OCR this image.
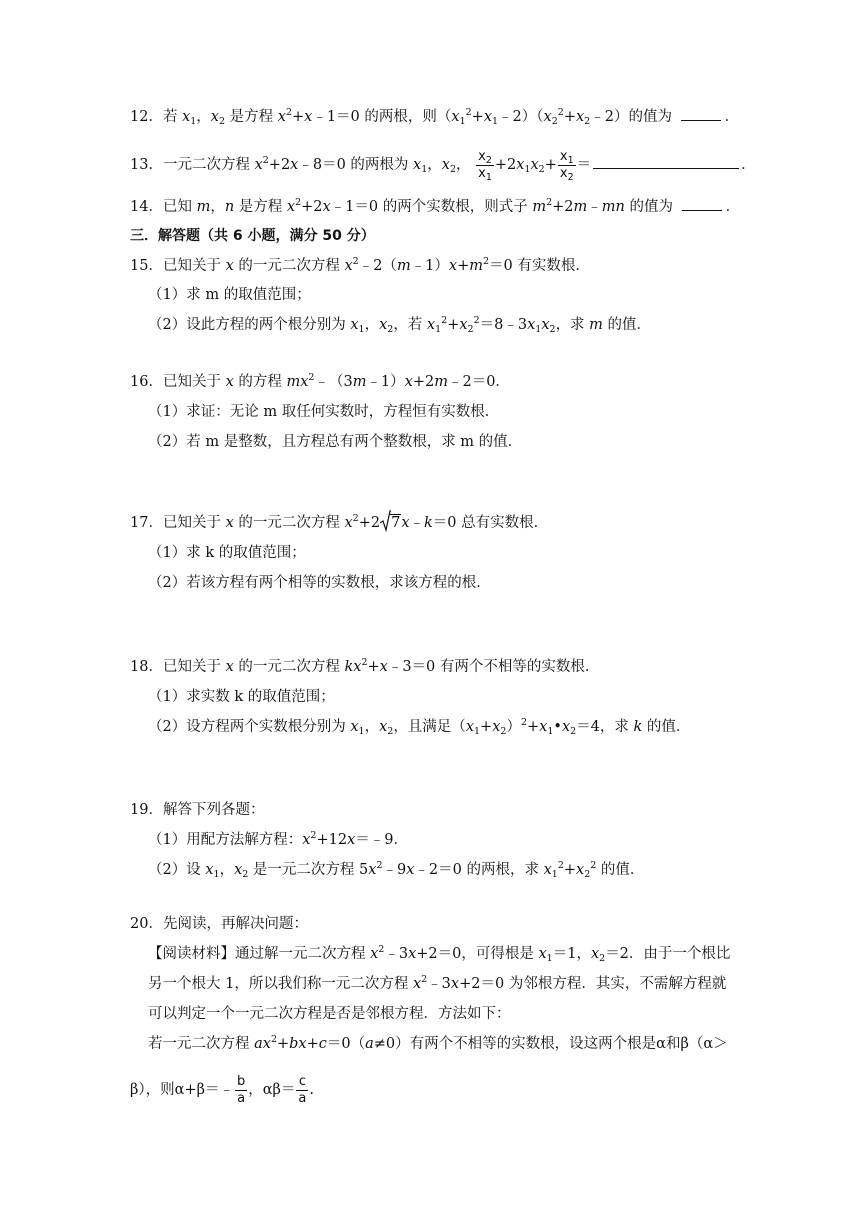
12．若 $x_1$，$x_2$ 是方程 $x^2+x﹣1=0$ 的两根，则$(x_1^2+x_1﹣2)(x_2^2+x_2﹣2)$的值为	．
13．一元二次方程 $x^2+2x﹣8=0$ 的两根为 $x_1$，$x_2$， $\frac{x_2}{x_1} +2x_1x_2+ \frac{x_1}{x_2}$ ＝	．
14．已知 m，n 是方程 $x^2+2x﹣1=0$ 的两个实数根，则式子 $m^2+2m﹣mn$ 的值为	．
三．解答题（共 6 小题，满分 50 分）
15．已知关于 x 的一元二次方程 $x^2﹣2(m﹣1)x+m^2=0$ 有实数根．
（1）求 m 的取值范围；
（2）设此方程的两个根分别为 $x_1$，$x_2$，若 $x_1^2+x_2^2=8﹣3x_1x_2$，求 m 的值．
16．已知关于 x 的方程 $mx^2﹣(3m﹣1)x+2m﹣2=0$．
（1）求证：无论 m 取任何实数时，方程恒有实数根．
（2）若 m 是整数，且方程总有两个整数根，求 m 的值．
17．已知关于 x 的一元二次方程 $x^2+2$ 7x﹣k＝0 总有实数根．
（1）求 k 的取值范围；
（2）若该方程有两个相等的实数根，求该方程的根．
18．已知关于 x 的一元二次方程 $kx^2+x﹣3=0$ 有两个不相等的实数根．
（1）求实数 k 的取值范围；
（2）设方程两个实数根分别为 $x_1$，$x_2$，且满足$(x_1+x_2)^2+x_1•x_2=4$，求 k 的值．
19．解答下列各题：
（1）用配方法解方程：$x^2+12x=﹣9$．
（2）设 $x_1$，$x_2$ 是一元二次方程 $5x^2﹣9x﹣2=0$ 的两根，求 $x_1^2+x_2^2$ 的值．
20．先阅读，再解决问题：
【阅读材料】通过解一元二次方程 $x^2﹣3x+2=0$，可得根是 $x_1=1$，$x_2=2$．由于一个根比
另一个根大 1，所以我们称一元二次方程 $x^2﹣3x+2=0$ 为邻根方程．其实，不需解方程就
可以判定一个一元二次方程是否是邻根方程．方法如下：
若一元二次方程 $ax^2+bx+c=0(a\ne 0)$有两个不相等的实数根，设这两个根是α和β（α＞
β），则α+β＝﹣ $\frac{b}{a}$ ，$\alpha\beta= \frac{c}{a}$ .
